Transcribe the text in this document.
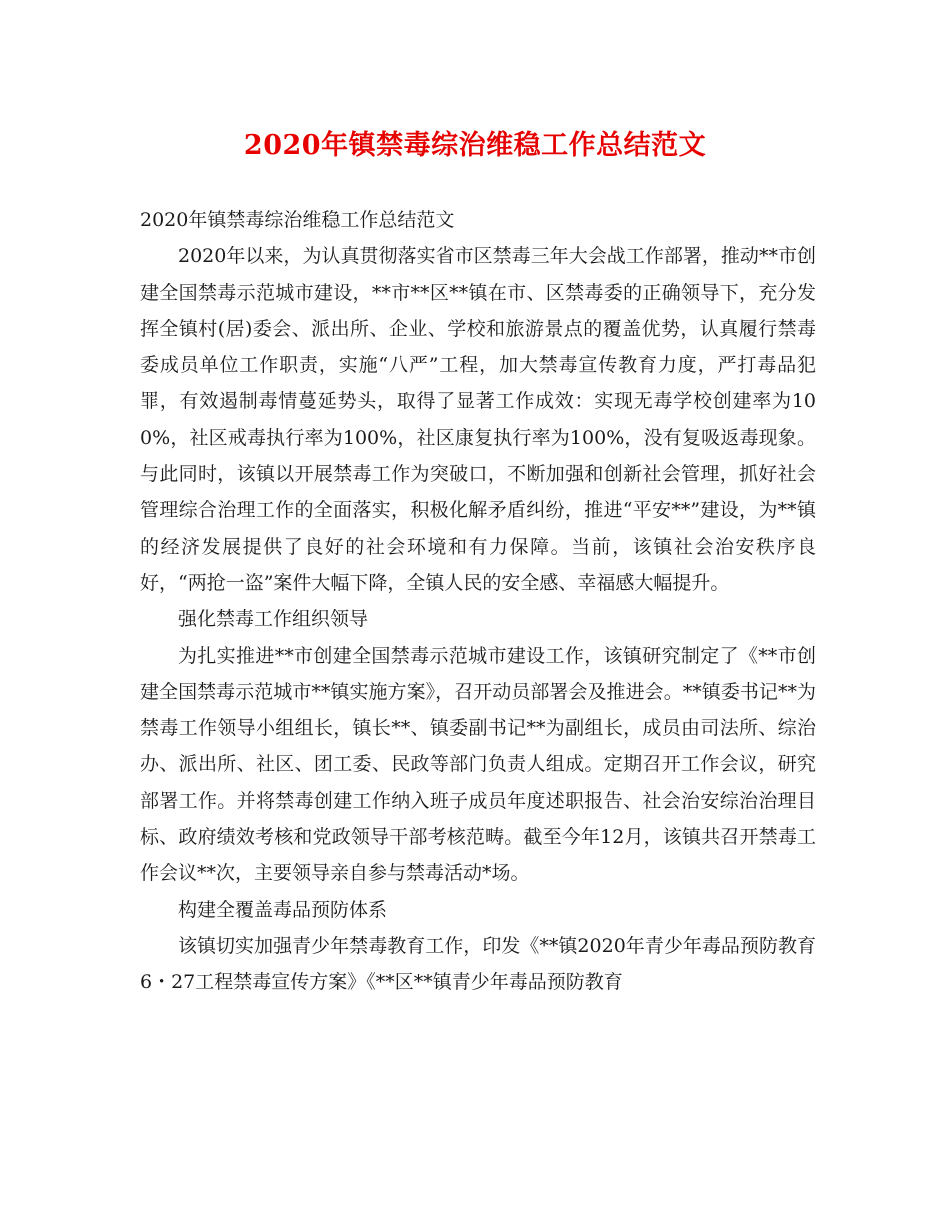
2020年镇禁毒综治维稳工作总结范文

2020年镇禁毒综治维稳工作总结范文

2020年以来，为认真贯彻落实省市区禁毒三年大会战工作部署，推动**市创建全国禁毒示范城市建设，**市**区**镇在市、区禁毒委的正确领导下，充分发挥全镇村(居)委会、派出所、企业、学校和旅游景点的覆盖优势，认真履行禁毒委成员单位工作职责，实施“八严”工程，加大禁毒宣传教育力度，严打毒品犯罪，有效遏制毒情蔓延势头，取得了显著工作成效：实现无毒学校创建率为100%，社区戒毒执行率为100%，社区康复执行率为100%，没有复吸返毒现象。与此同时，该镇以开展禁毒工作为突破口，不断加强和创新社会管理，抓好社会管理综合治理工作的全面落实，积极化解矛盾纠纷，推进“平安**”建设，为**镇的经济发展提供了良好的社会环境和有力保障。当前，该镇社会治安秩序良好，“两抢一盗”案件大幅下降，全镇人民的安全感、幸福感大幅提升。

强化禁毒工作组织领导

为扎实推进**市创建全国禁毒示范城市建设工作，该镇研究制定了《**市创建全国禁毒示范城市**镇实施方案》，召开动员部署会及推进会。**镇委书记**为禁毒工作领导小组组长，镇长**、镇委副书记**为副组长，成员由司法所、综治办、派出所、社区、团工委、民政等部门负责人组成。定期召开工作会议，研究部署工作。并将禁毒创建工作纳入班子成员年度述职报告、社会治安综治治理目标、政府绩效考核和党政领导干部考核范畴。截至今年12月，该镇共召开禁毒工作会议**次，主要领导亲自参与禁毒活动*场。

构建全覆盖毒品预防体系

该镇切实加强青少年禁毒教育工作，印发《**镇2020年青少年毒品预防教育6・27工程禁毒宣传方案》《**区**镇青少年毒品预防教育
